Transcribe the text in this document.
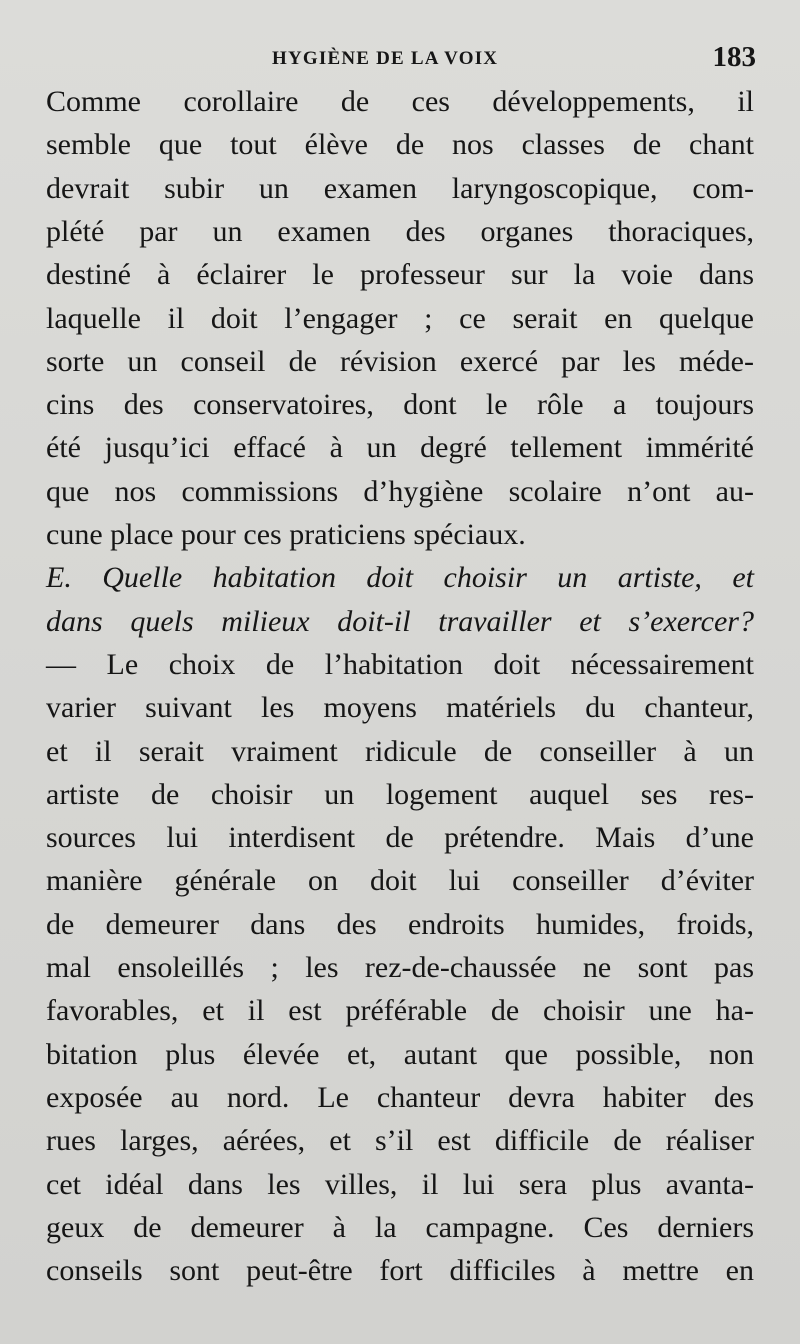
HYGIÈNE DE LA VOIX	183
Comme corollaire de ces développements, il
semble que tout élève de nos classes de chant
devrait subir un examen laryngoscopique, com-
plété par un examen des organes thoraciques,
destiné à éclairer le professeur sur la voie dans
laquelle il doit l’engager ; ce serait en quelque
sorte un conseil de révision exercé par les méde-
cins des conservatoires, dont le rôle a toujours
été jusqu’ici effacé à un degré tellement immérité
que nos commissions d’hygiène scolaire n’ont au-
cune place pour ces praticiens spéciaux.
E. Quelle habitation doit choisir un artiste, et
dans quels milieux doit-il travailler et s’exercer?
— Le choix de l’habitation doit nécessairement
varier suivant les moyens matériels du chanteur,
et il serait vraiment ridicule de conseiller à un
artiste de choisir un logement auquel ses res-
sources lui interdisent de prétendre. Mais d’une
manière générale on doit lui conseiller d’éviter
de demeurer dans des endroits humides, froids,
mal ensoleillés ; les rez-de-chaussée ne sont pas
favorables, et il est préférable de choisir une ha-
bitation plus élevée et, autant que possible, non
exposée au nord. Le chanteur devra habiter des
rues larges, aérées, et s’il est difficile de réaliser
cet idéal dans les villes, il lui sera plus avanta-
geux de demeurer à la campagne. Ces derniers
conseils sont peut-être fort difficiles à mettre en
